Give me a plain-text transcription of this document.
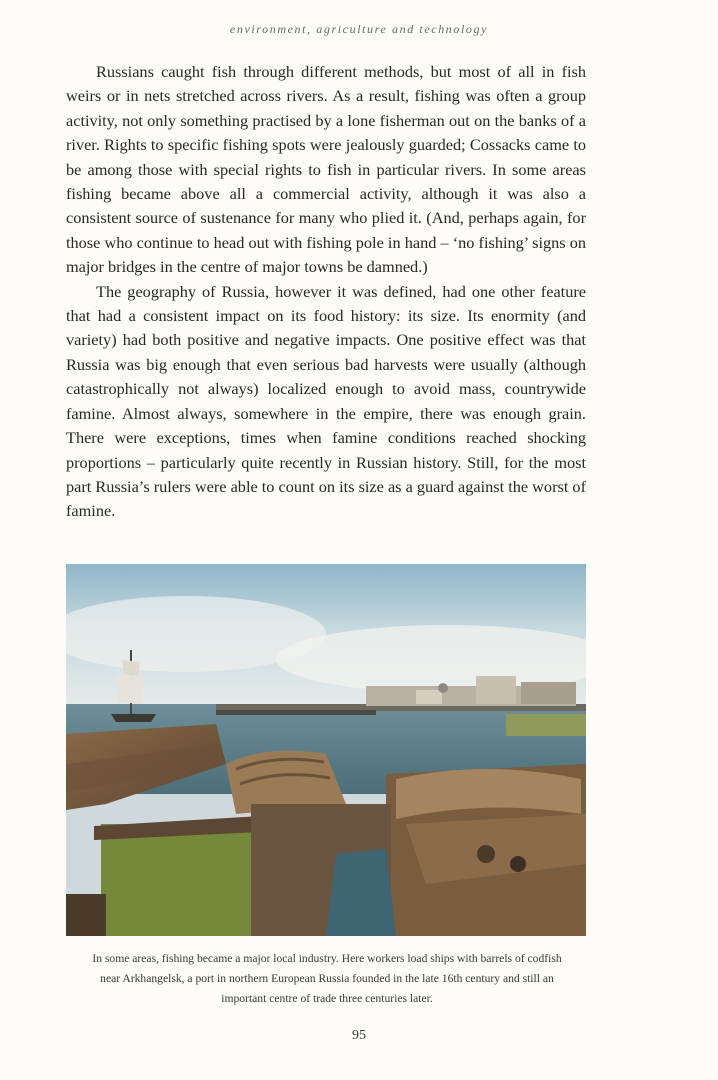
environment, agriculture and technology

Russians caught fish through different methods, but most of all in fish weirs or in nets stretched across rivers. As a result, fishing was often a group activity, not only something practised by a lone fisherman out on the banks of a river. Rights to specific fishing spots were jealously guarded; Cossacks came to be among those with special rights to fish in particular rivers. In some areas fishing became above all a commercial activity, although it was also a consistent source of sustenance for many who plied it. (And, perhaps again, for those who continue to head out with fishing pole in hand – ‘no fishing’ signs on major bridges in the centre of major towns be damned.)

The geography of Russia, however it was defined, had one other feature that had a consistent impact on its food history: its size. Its enormity (and variety) had both positive and negative impacts. One positive effect was that Russia was big enough that even serious bad harvests were usually (although catastrophically not always) localized enough to avoid mass, countrywide famine. Almost always, somewhere in the empire, there was enough grain. There were exceptions, times when famine conditions reached shocking proportions – particularly quite recently in Russian history. Still, for the most part Russia’s rulers were able to count on its size as a guard against the worst of famine.

In some areas, fishing became a major local industry. Here workers load ships with barrels of codfish near Arkhangelsk, a port in northern European Russia founded in the late 16th century and still an important centre of trade three centuries later.
95
